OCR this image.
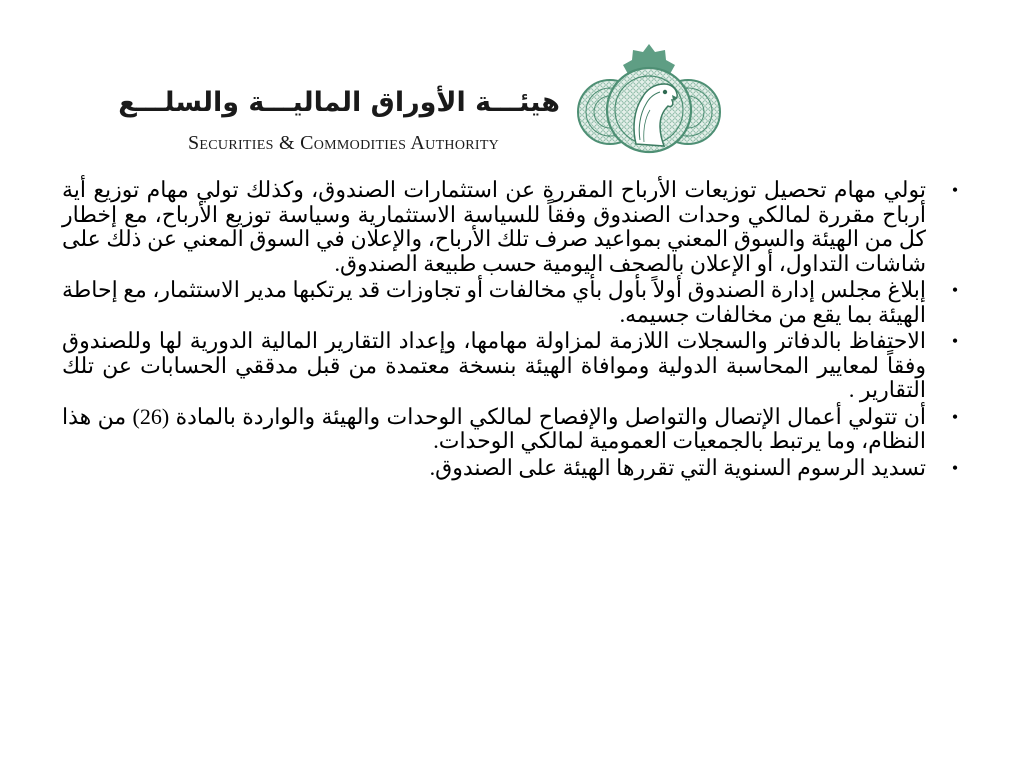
هيئـــة الأوراق الماليـــة والسلـــع
Securities & Commodities Authority
•
تولي مهام تحصيل توزيعات الأرباح المقررة عن استثمارات الصندوق، وكذلك تولي مهام توزيع أية أرباح مقررة لمالكي وحدات الصندوق وفقاً للسياسة الاستثمارية وسياسة توزيع الأرباح، مع إخطار كل من الهيئة والسوق المعني بمواعيد صرف تلك الأرباح، والإعلان في السوق المعني عن ذلك على شاشات التداول، أو الإعلان بالصحف اليومية حسب طبيعة الصندوق.
•
إبلاغ مجلس إدارة الصندوق أولاً بأول بأي مخالفات أو تجاوزات قد يرتكبها مدير الاستثمار، مع إحاطة الهيئة بما يقع من مخالفات جسيمه.
•
الاحتفاظ بالدفاتر والسجلات اللازمة لمزاولة مهامها، وإعداد التقارير المالية الدورية لها وللصندوق وفقاً لمعايير المحاسبة الدولية وموافاة الهيئة بنسخة معتمدة من قبل مدققي الحسابات عن تلك التقارير .
•
أن تتولي أعمال الإتصال والتواصل والإفصاح لمالكي الوحدات والهيئة والواردة بالمادة (26) من هذا النظام، وما يرتبط بالجمعيات العمومية لمالكي الوحدات.
•
تسديد الرسوم السنوية التي تقررها الهيئة على الصندوق.
